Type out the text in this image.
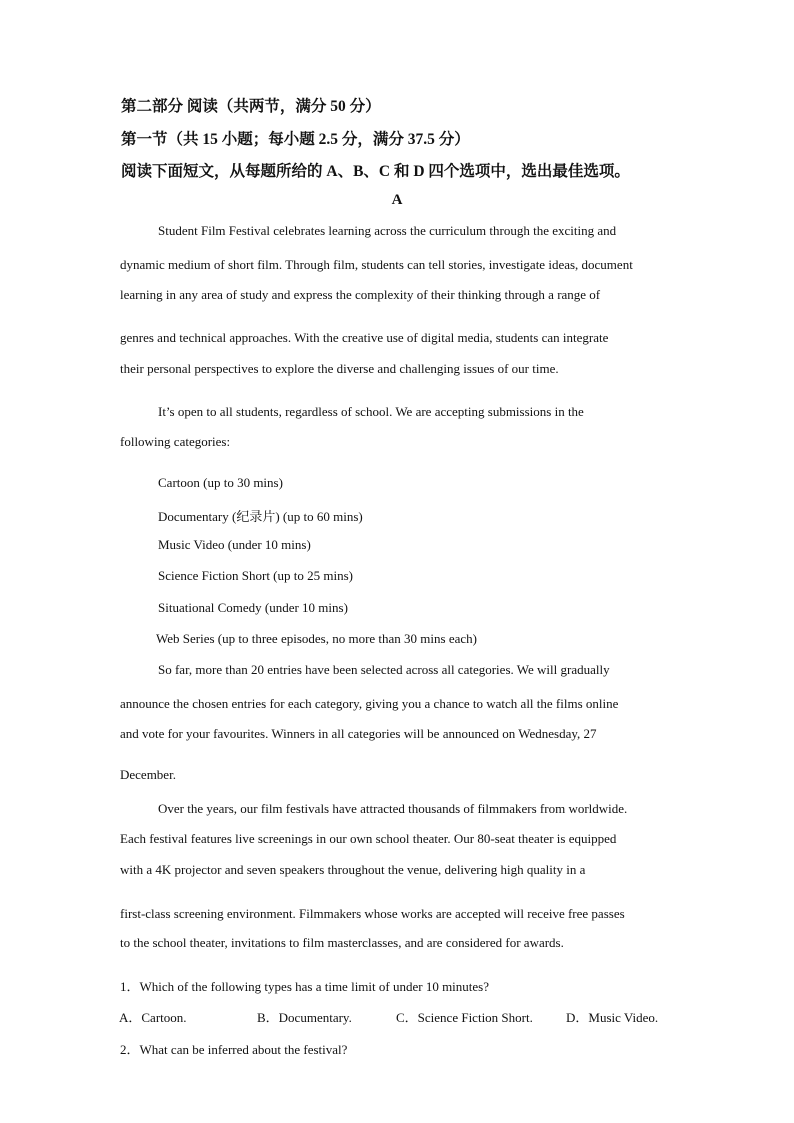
第二部分 阅读（共两节，满分 50 分）
第一节（共 15 小题；每小题 2.5 分，满分 37.5 分）
阅读下面短文，从每题所给的 A、B、C 和 D 四个选项中，选出最佳选项。
A
Student Film Festival celebrates learning across the curriculum through the exciting and
dynamic medium of short film. Through film, students can tell stories, investigate ideas, document
learning in any area of study and express the complexity of their thinking through a range of
genres and technical approaches. With the creative use of digital media, students can integrate
their personal perspectives to explore the diverse and challenging issues of our time.
It’s open to all students, regardless of school. We are accepting submissions in the
following categories:
Cartoon (up to 30 mins)
Documentary (纪录片) (up to 60 mins)
Music Video (under 10 mins)
Science Fiction Short (up to 25 mins)
Situational Comedy (under 10 mins)
Web Series (up to three episodes, no more than 30 mins each)
So far, more than 20 entries have been selected across all categories. We will gradually
announce the chosen entries for each category, giving you a chance to watch all the films online
and vote for your favourites. Winners in all categories will be announced on Wednesday, 27
December.
Over the years, our film festivals have attracted thousands of filmmakers from worldwide.
Each festival features live screenings in our own school theater. Our 80-seat theater is equipped
with a 4K projector and seven speakers throughout the venue, delivering high quality in a
first-class screening environment. Filmmakers whose works are accepted will receive free passes
to the school theater, invitations to film masterclasses, and are considered for awards.
1．Which of the following types has a time limit of under 10 minutes?
A．Cartoon.	B．Documentary.	C．Science Fiction Short.	D．Music Video.
2．What can be inferred about the festival?
